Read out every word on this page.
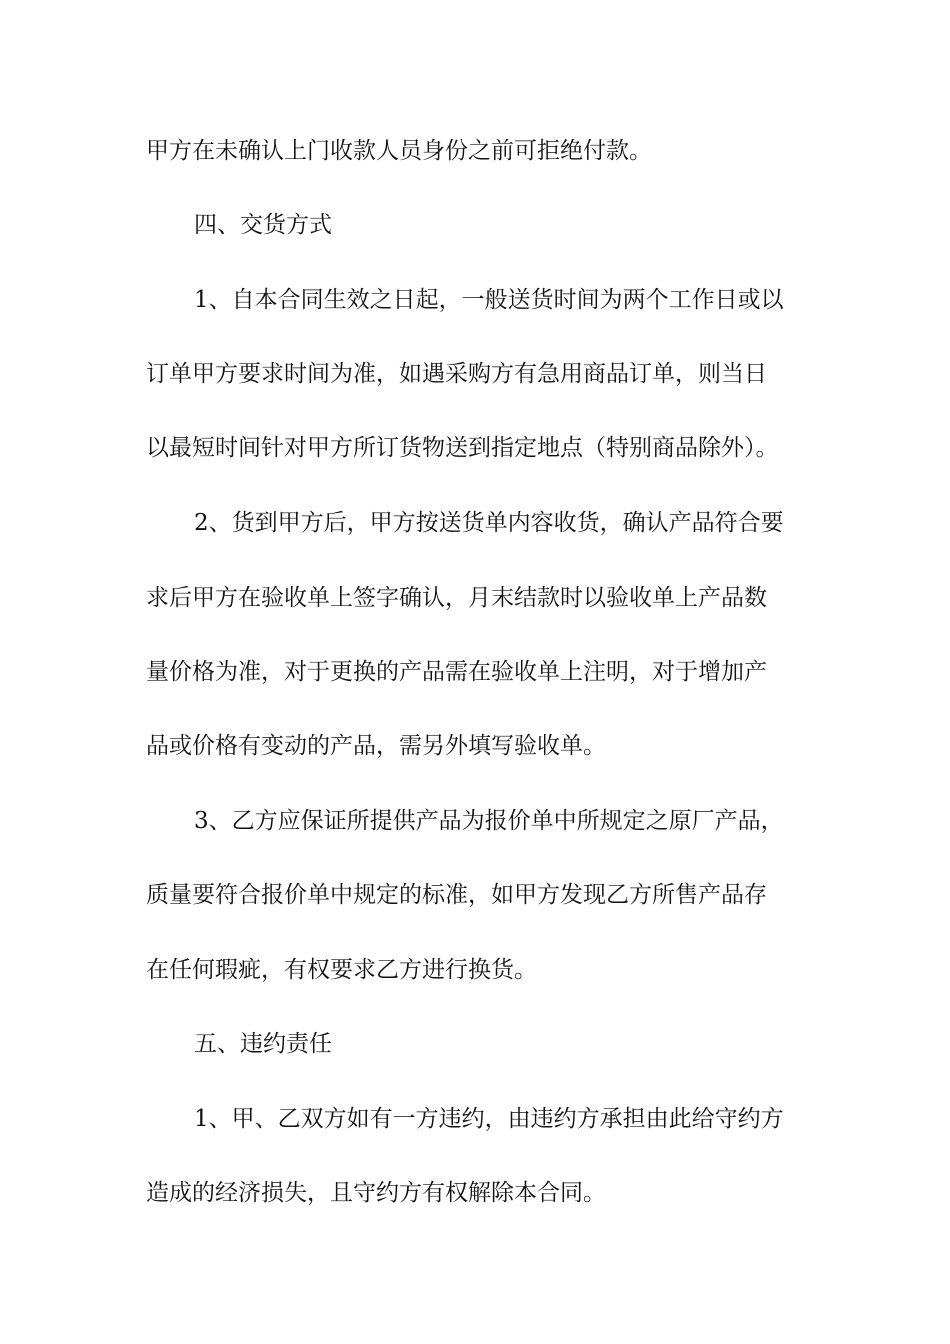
甲方在未确认上门收款人员身份之前可拒绝付款。
四、交货方式
1、自本合同生效之日起，一般送货时间为两个工作日或以
订单甲方要求时间为准，如遇采购方有急用商品订单，则当日
以最短时间针对甲方所订货物送到指定地点（特别商品除外）。
2、货到甲方后，甲方按送货单内容收货，确认产品符合要
求后甲方在验收单上签字确认，月末结款时以验收单上产品数
量价格为准，对于更换的产品需在验收单上注明，对于增加产
品或价格有变动的产品，需另外填写验收单。
3、乙方应保证所提供产品为报价单中所规定之原厂产品，
质量要符合报价单中规定的标准，如甲方发现乙方所售产品存
在任何瑕疵，有权要求乙方进行换货。
五、违约责任
1、甲、乙双方如有一方违约，由违约方承担由此给守约方
造成的经济损失，且守约方有权解除本合同。
